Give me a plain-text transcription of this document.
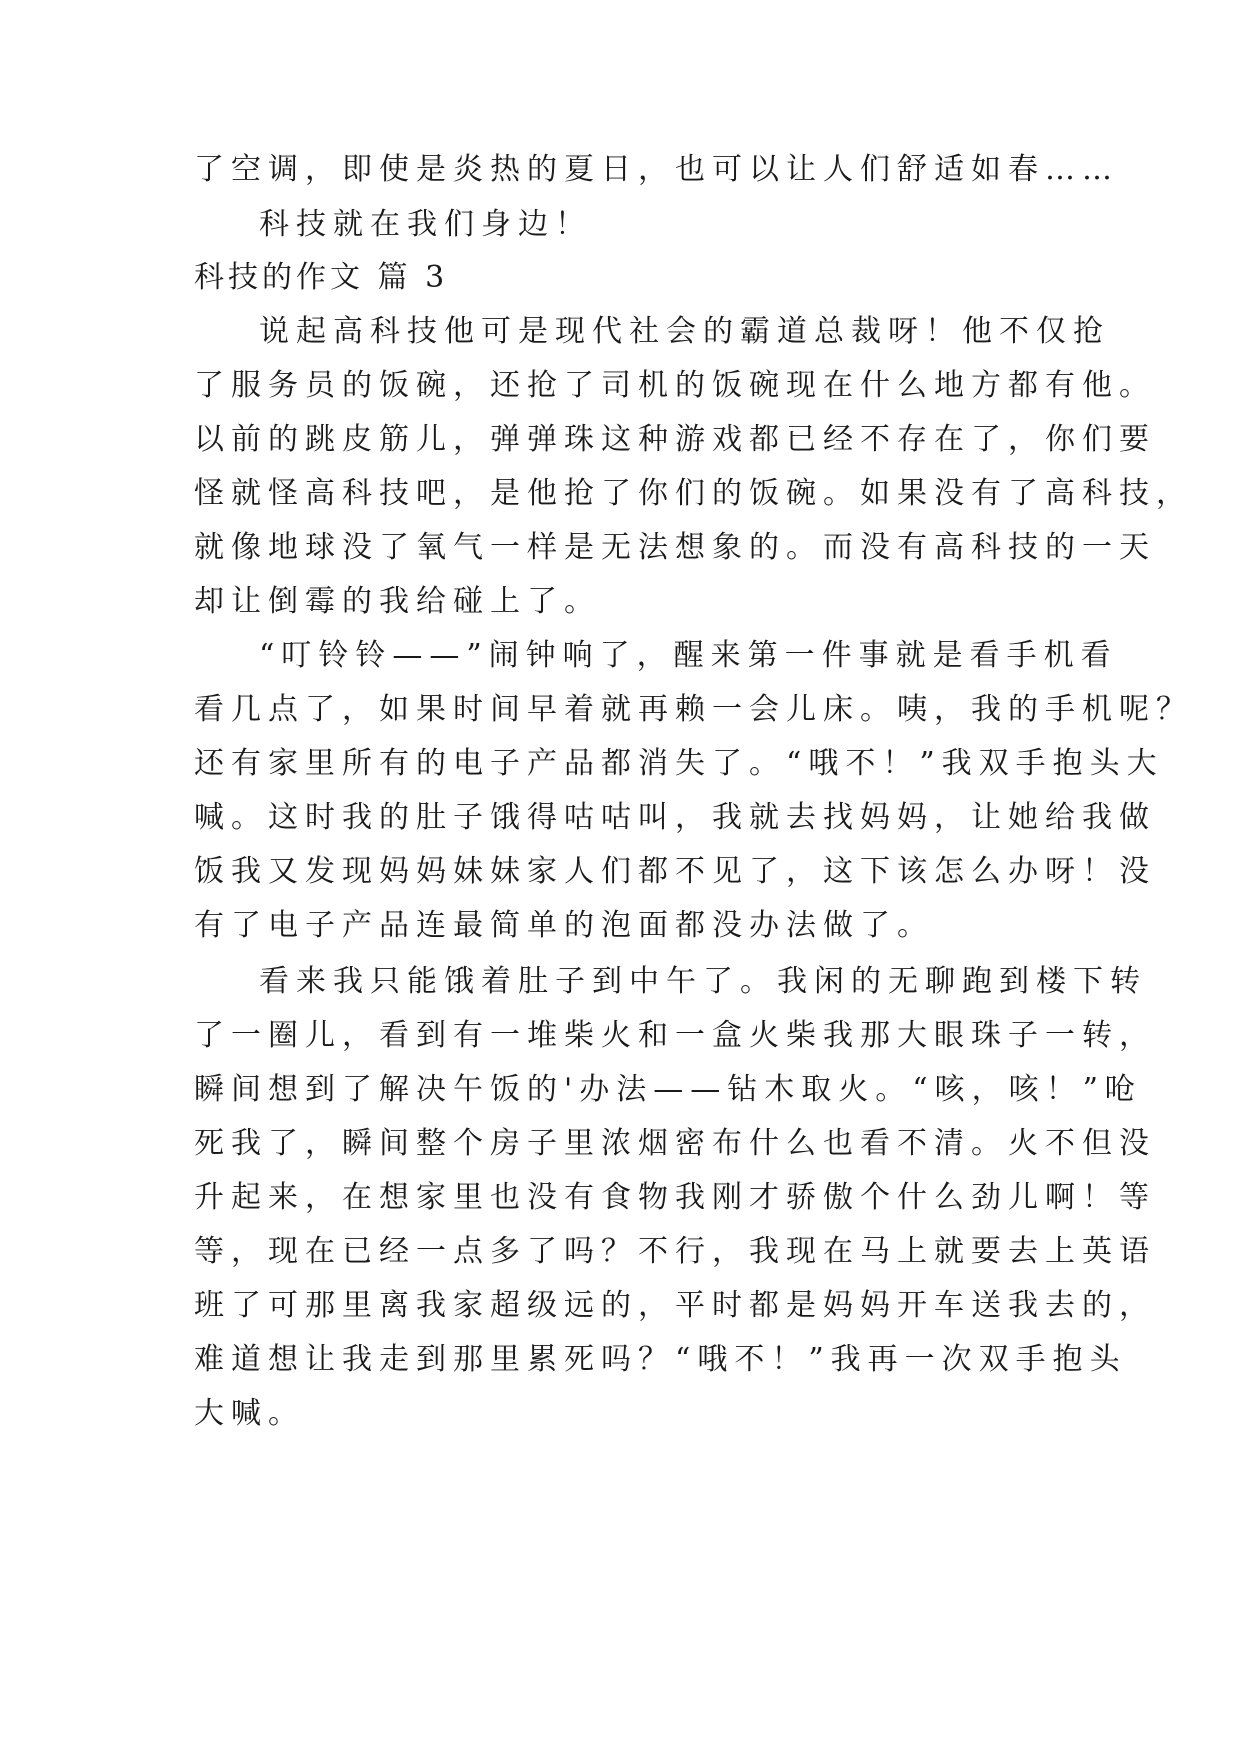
了空调，即使是炎热的夏日，也可以让人们舒适如春……
科技就在我们身边！
科技的作文 篇 3
说起高科技他可是现代社会的霸道总裁呀！他不仅抢
了服务员的饭碗，还抢了司机的饭碗现在什么地方都有他。
以前的跳皮筋儿，弹弹珠这种游戏都已经不存在了，你们要
怪就怪高科技吧，是他抢了你们的饭碗。如果没有了高科技，
就像地球没了氧气一样是无法想象的。而没有高科技的一天
却让倒霉的我给碰上了。
“叮铃铃——”闹钟响了，醒来第一件事就是看手机看
看几点了，如果时间早着就再赖一会儿床。咦，我的手机呢？
还有家里所有的电子产品都消失了。“哦不！”我双手抱头大
喊。这时我的肚子饿得咕咕叫，我就去找妈妈，让她给我做
饭我又发现妈妈妹妹家人们都不见了，这下该怎么办呀！没
有了电子产品连最简单的泡面都没办法做了。
看来我只能饿着肚子到中午了。我闲的无聊跑到楼下转
了一圈儿，看到有一堆柴火和一盒火柴我那大眼珠子一转，
瞬间想到了解决午饭的'办法——钻木取火。“咳，咳！”呛
死我了，瞬间整个房子里浓烟密布什么也看不清。火不但没
升起来，在想家里也没有食物我刚才骄傲个什么劲儿啊！等
等，现在已经一点多了吗？不行，我现在马上就要去上英语
班了可那里离我家超级远的，平时都是妈妈开车送我去的，
难道想让我走到那里累死吗？“哦不！”我再一次双手抱头
大喊。
